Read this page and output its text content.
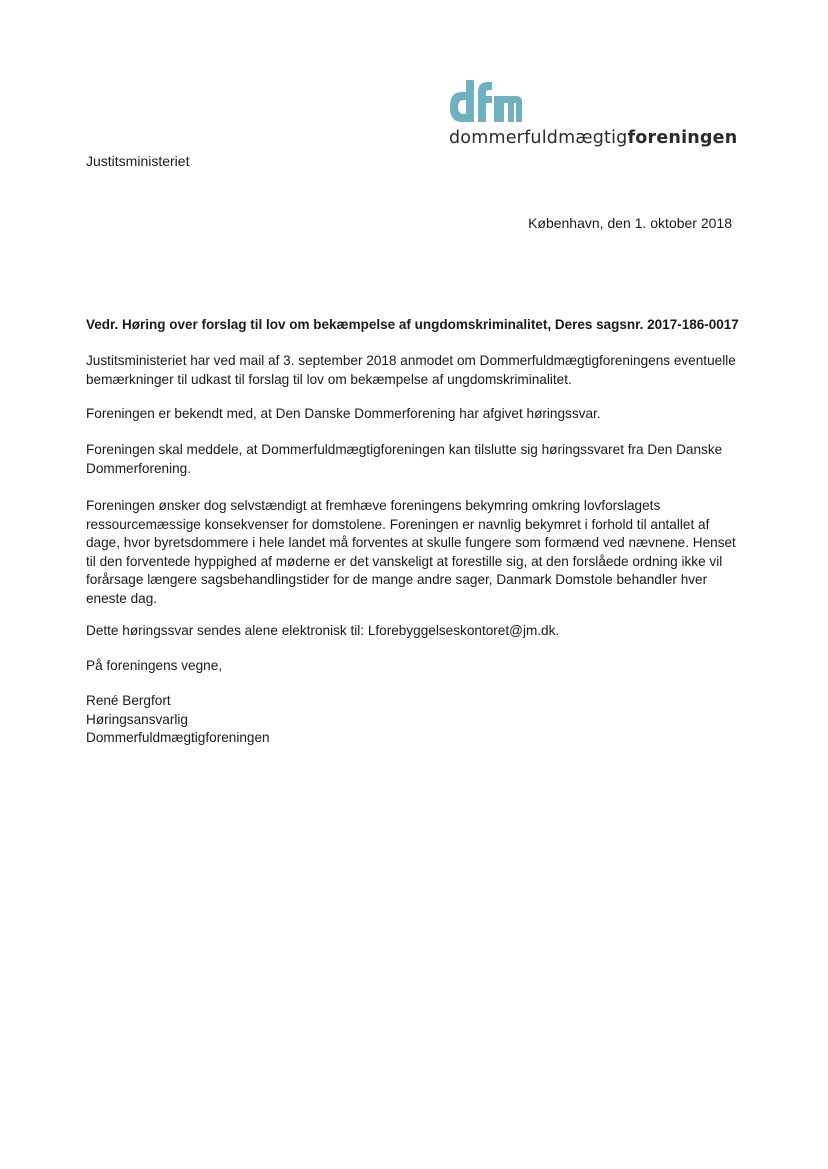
dommerfuldmægtigforeningen
Justitsministeriet
København, den 1. oktober 2018
Vedr. Høring over forslag til lov om bekæmpelse af ungdomskriminalitet, Deres sagsnr. 2017-186-0017
Justitsministeriet har ved mail af 3. september 2018 anmodet om Dommerfuldmægtigforeningens eventuelle bemærkninger til udkast til forslag til lov om bekæmpelse af ungdomskriminalitet.
Foreningen er bekendt med, at Den Danske Dommerforening har afgivet høringssvar.
Foreningen skal meddele, at Dommerfuldmægtigforeningen kan tilslutte sig høringssvaret fra Den Danske Dommerforening.
Foreningen ønsker dog selvstændigt at fremhæve foreningens bekymring omkring lovforslagets ressourcemæssige konsekvenser for domstolene. Foreningen er navnlig bekymret i forhold til antallet af dage, hvor byretsdommere i hele landet må forventes at skulle fungere som formænd ved nævnene. Henset til den forventede hyppighed af møderne er det vanskeligt at forestille sig, at den forslåede ordning ikke vil forårsage længere sagsbehandlingstider for de mange andre sager, Danmark Domstole behandler hver eneste dag.
Dette høringssvar sendes alene elektronisk til: Lforebyggelseskontoret@jm.dk.
På foreningens vegne,
René Bergfort
Høringsansvarlig
Dommerfuldmægtigforeningen
